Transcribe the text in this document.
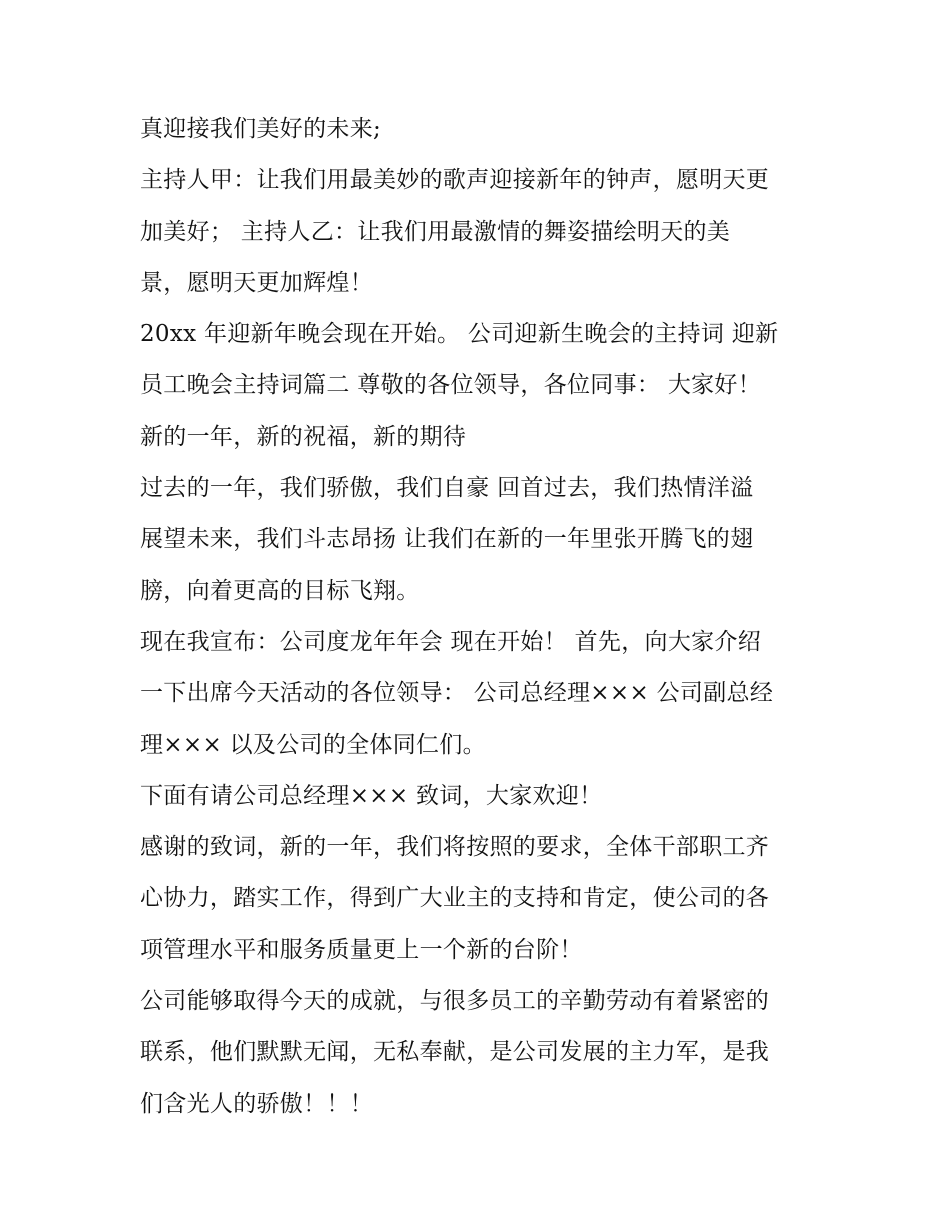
真迎接我们美好的未来;
主持人甲：让我们用最美妙的歌声迎接新年的钟声，愿明天更
加美好； 主持人乙：让我们用最激情的舞姿描绘明天的美
景，愿明天更加辉煌！
20xx 年迎新年晚会现在开始。 公司迎新生晚会的主持词 迎新
员工晚会主持词篇二 尊敬的各位领导，各位同事： 大家好！
新的一年，新的祝福，新的期待
过去的一年，我们骄傲，我们自豪 回首过去，我们热情洋溢
展望未来，我们斗志昂扬 让我们在新的一年里张开腾飞的翅
膀，向着更高的目标飞翔。
现在我宣布：公司度龙年年会 现在开始！ 首先，向大家介绍
一下出席今天活动的各位领导： 公司总经理××× 公司副总经
理××× 以及公司的全体同仁们。
下面有请公司总经理××× 致词，大家欢迎！
感谢的致词，新的一年，我们将按照的要求，全体干部职工齐
心协力，踏实工作，得到广大业主的支持和肯定，使公司的各
项管理水平和服务质量更上一个新的台阶！
公司能够取得今天的成就，与很多员工的辛勤劳动有着紧密的
联系，他们默默无闻，无私奉献，是公司发展的主力军，是我
们含光人的骄傲！！！
